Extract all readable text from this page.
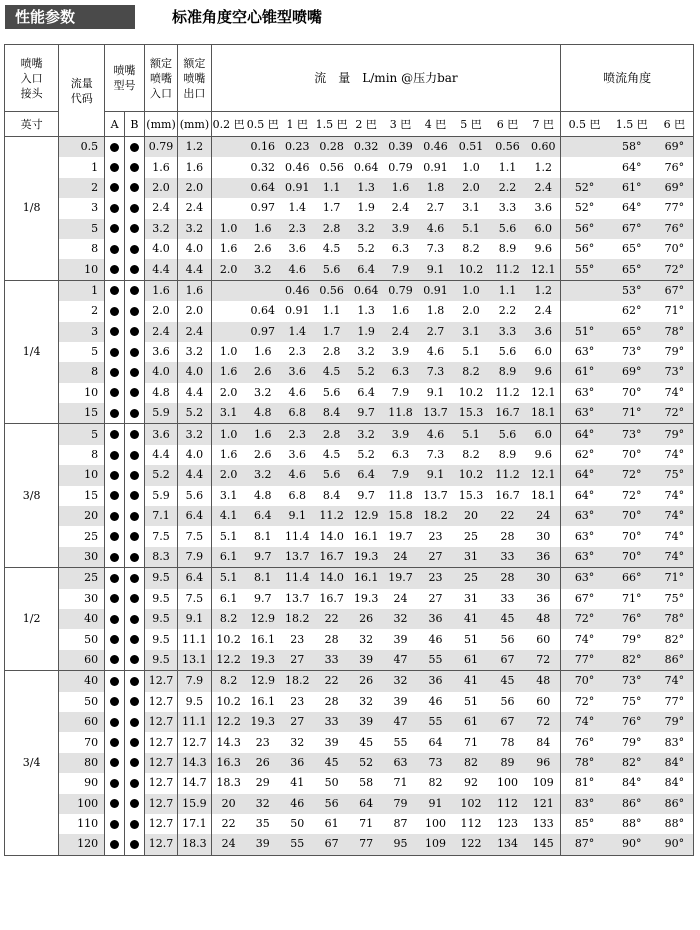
性能参数	标准角度空心锥型喷嘴
喷嘴
入口
接头	流量
代码	喷嘴
型号		额定
喷嘴
入口	额定
喷嘴
出口	流　量　L/min @压力bar										喷流角度		
英寸		A	B	(mm)	(mm)	0.2 巴	0.5 巴	1 巴	1.5 巴	2 巴	3 巴	4 巴	5 巴	6 巴	7 巴	0.5 巴	1.5 巴	6 巴
1/8	0.5			0.79	1.2		0.16	0.23	0.28	0.32	0.39	0.46	0.51	0.56	0.60		58°	69°
	1			1.6	1.6		0.32	0.46	0.56	0.64	0.79	0.91	1.0	1.1	1.2		64°	76°
	2			2.0	2.0		0.64	0.91	1.1	1.3	1.6	1.8	2.0	2.2	2.4	52°	61°	69°
	3			2.4	2.4		0.97	1.4	1.7	1.9	2.4	2.7	3.1	3.3	3.6	52°	64°	77°
	5			3.2	3.2	1.0	1.6	2.3	2.8	3.2	3.9	4.6	5.1	5.6	6.0	56°	67°	76°
	8			4.0	4.0	1.6	2.6	3.6	4.5	5.2	6.3	7.3	8.2	8.9	9.6	56°	65°	70°
	10			4.4	4.4	2.0	3.2	4.6	5.6	6.4	7.9	9.1	10.2	11.2	12.1	55°	65°	72°
1/4	1			1.6	1.6			0.46	0.56	0.64	0.79	0.91	1.0	1.1	1.2		53°	67°
	2			2.0	2.0		0.64	0.91	1.1	1.3	1.6	1.8	2.0	2.2	2.4		62°	71°
	3			2.4	2.4		0.97	1.4	1.7	1.9	2.4	2.7	3.1	3.3	3.6	51°	65°	78°
	5			3.6	3.2	1.0	1.6	2.3	2.8	3.2	3.9	4.6	5.1	5.6	6.0	63°	73°	79°
	8			4.0	4.0	1.6	2.6	3.6	4.5	5.2	6.3	7.3	8.2	8.9	9.6	61°	69°	73°
	10			4.8	4.4	2.0	3.2	4.6	5.6	6.4	7.9	9.1	10.2	11.2	12.1	63°	70°	74°
	15			5.9	5.2	3.1	4.8	6.8	8.4	9.7	11.8	13.7	15.3	16.7	18.1	63°	71°	72°
3/8	5			3.6	3.2	1.0	1.6	2.3	2.8	3.2	3.9	4.6	5.1	5.6	6.0	64°	73°	79°
	8			4.4	4.0	1.6	2.6	3.6	4.5	5.2	6.3	7.3	8.2	8.9	9.6	62°	70°	74°
	10			5.2	4.4	2.0	3.2	4.6	5.6	6.4	7.9	9.1	10.2	11.2	12.1	64°	72°	75°
	15			5.9	5.6	3.1	4.8	6.8	8.4	9.7	11.8	13.7	15.3	16.7	18.1	64°	72°	74°
	20			7.1	6.4	4.1	6.4	9.1	11.2	12.9	15.8	18.2	20	22	24	63°	70°	74°
	25			7.5	7.5	5.1	8.1	11.4	14.0	16.1	19.7	23	25	28	30	63°	70°	74°
	30			8.3	7.9	6.1	9.7	13.7	16.7	19.3	24	27	31	33	36	63°	70°	74°
1/2	25			9.5	6.4	5.1	8.1	11.4	14.0	16.1	19.7	23	25	28	30	63°	66°	71°
	30			9.5	7.5	6.1	9.7	13.7	16.7	19.3	24	27	31	33	36	67°	71°	75°
	40			9.5	9.1	8.2	12.9	18.2	22	26	32	36	41	45	48	72°	76°	78°
	50			9.5	11.1	10.2	16.1	23	28	32	39	46	51	56	60	74°	79°	82°
	60			9.5	13.1	12.2	19.3	27	33	39	47	55	61	67	72	77°	82°	86°
3/4	40			12.7	7.9	8.2	12.9	18.2	22	26	32	36	41	45	48	70°	73°	74°
	50			12.7	9.5	10.2	16.1	23	28	32	39	46	51	56	60	72°	75°	77°
	60			12.7	11.1	12.2	19.3	27	33	39	47	55	61	67	72	74°	76°	79°
	70			12.7	12.7	14.3	23	32	39	45	55	64	71	78	84	76°	79°	83°
	80			12.7	14.3	16.3	26	36	45	52	63	73	82	89	96	78°	82°	84°
	90			12.7	14.7	18.3	29	41	50	58	71	82	92	100	109	81°	84°	84°
	100			12.7	15.9	20	32	46	56	64	79	91	102	112	121	83°	86°	86°
	110			12.7	17.1	22	35	50	61	71	87	100	112	123	133	85°	88°	88°
	120			12.7	18.3	24	39	55	67	77	95	109	122	134	145	87°	90°	90°
